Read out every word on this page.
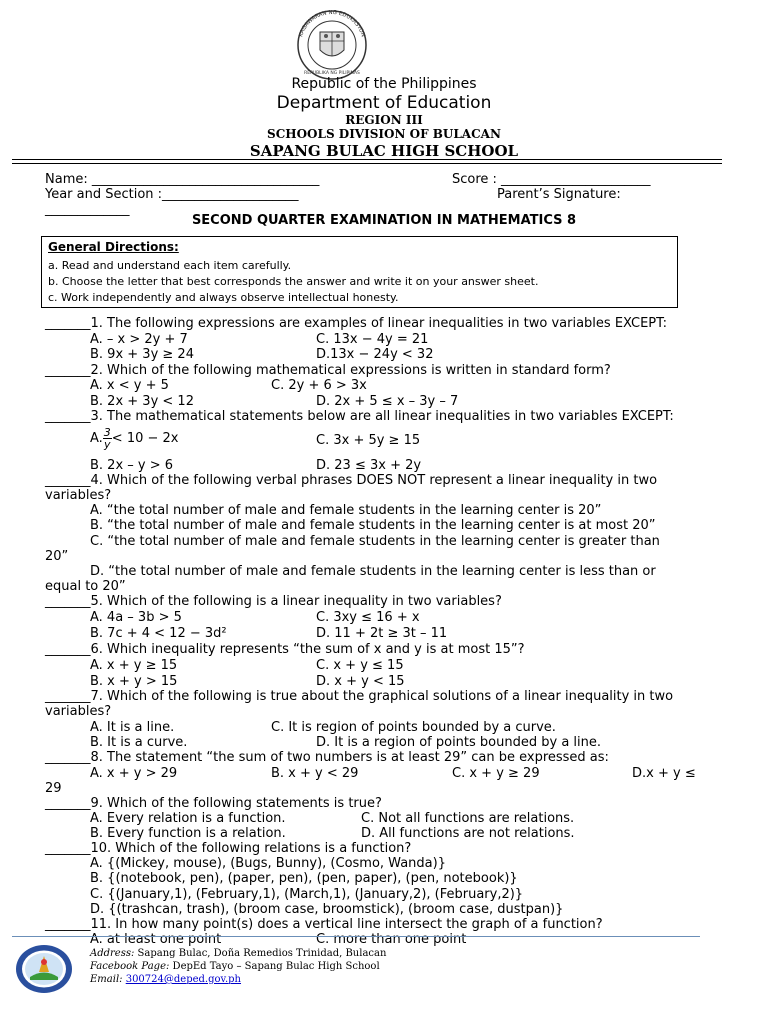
KAGAWARAN NG EDUKASYON
REPUBLIKA NG PILIPINAS
Republic of the Philippines
Department of Education
REGION III
SCHOOLS DIVISION OF BULACAN
SAPANG BULAC HIGH SCHOOL
Name: ___________________________________	Score : _______________________
Year and Section :_____________________	Parent’s Signature:
_____________
SECOND QUARTER EXAMINATION IN MATHEMATICS 8
General Directions:
a. Read and understand each item carefully.
b. Choose the letter that best corresponds the answer and write it on your answer sheet.
c. Work independently and always observe intellectual honesty.
_______1. The following expressions are examples of linear inequalities in two variables EXCEPT:
A. – x > 2y + 7	C. 13x − 4y = 21
B. 9x + 3y ≥ 24	D.13x − 24y < 32
_______2. Which of the following mathematical expressions is written in standard form?
A. x < y + 5	C. 2y + 6 > 3x
B. 2x + 3y < 12	D. 2x + 5 ≤ x – 3y – 7
_______3. The mathematical statements below are all linear inequalities in two variables EXCEPT:
A. $\frac{3}{y} < 10 - 2x$	C. 3x + 5y ≥ 15
B. 2x – y > 6	D. 23 ≤ 3x + 2y
_______4. Which of the following verbal phrases DOES NOT represent a linear inequality in two
variables?
A. “the total number of male and female students in the learning center is 20”
B. “the total number of male and female students in the learning center is at most 20”
C. “the total number of male and female students in the learning center is greater than
20”
D. “the total number of male and female students in the learning center is less than or
equal to 20”
_______5. Which of the following is a linear inequality in two variables?
A. 4a – 3b > 5	C. 3xy ≤ 16 + x
B. 7c + 4 < 12 − 3d²	D. 11 + 2t ≥ 3t – 11
_______6. Which inequality represents “the sum of x and y is at most 15”?
A. x + y ≥ 15	C. x + y ≤ 15
B. x + y > 15	D. x + y < 15
_______7. Which of the following is true about the graphical solutions of a linear inequality in two
variables?
A. It is a line.	C. It is region of points bounded by a curve.
B. It is a curve.	D. It is a region of points bounded by a line.
_______8. The statement “the sum of two numbers is at least 29” can be expressed as:
A. x + y > 29	B. x + y < 29	C. x + y ≥ 29	D.x + y ≤
29
_______9. Which of the following statements is true?
A. Every relation is a function.	C. Not all functions are relations.
B. Every function is a relation.	D. All functions are not relations.
_______10. Which of the following relations is a function?
A. {(Mickey, mouse), (Bugs, Bunny), (Cosmo, Wanda)}
B. {(notebook, pen), (paper, pen), (pen, paper), (pen, notebook)}
C. {(January,1), (February,1), (March,1), (January,2), (February,2)}
D. {(trashcan, trash), (broom case, broomstick), (broom case, dustpan)}
_______11. In how many point(s) does a vertical line intersect the graph of a function?
A. at least one point	C. more than one point
Address: Sapang Bulac, Doña Remedios Trinidad, Bulacan
Facebook Page: DepEd Tayo – Sapang Bulac High School
Email: 300724@deped.gov.ph
